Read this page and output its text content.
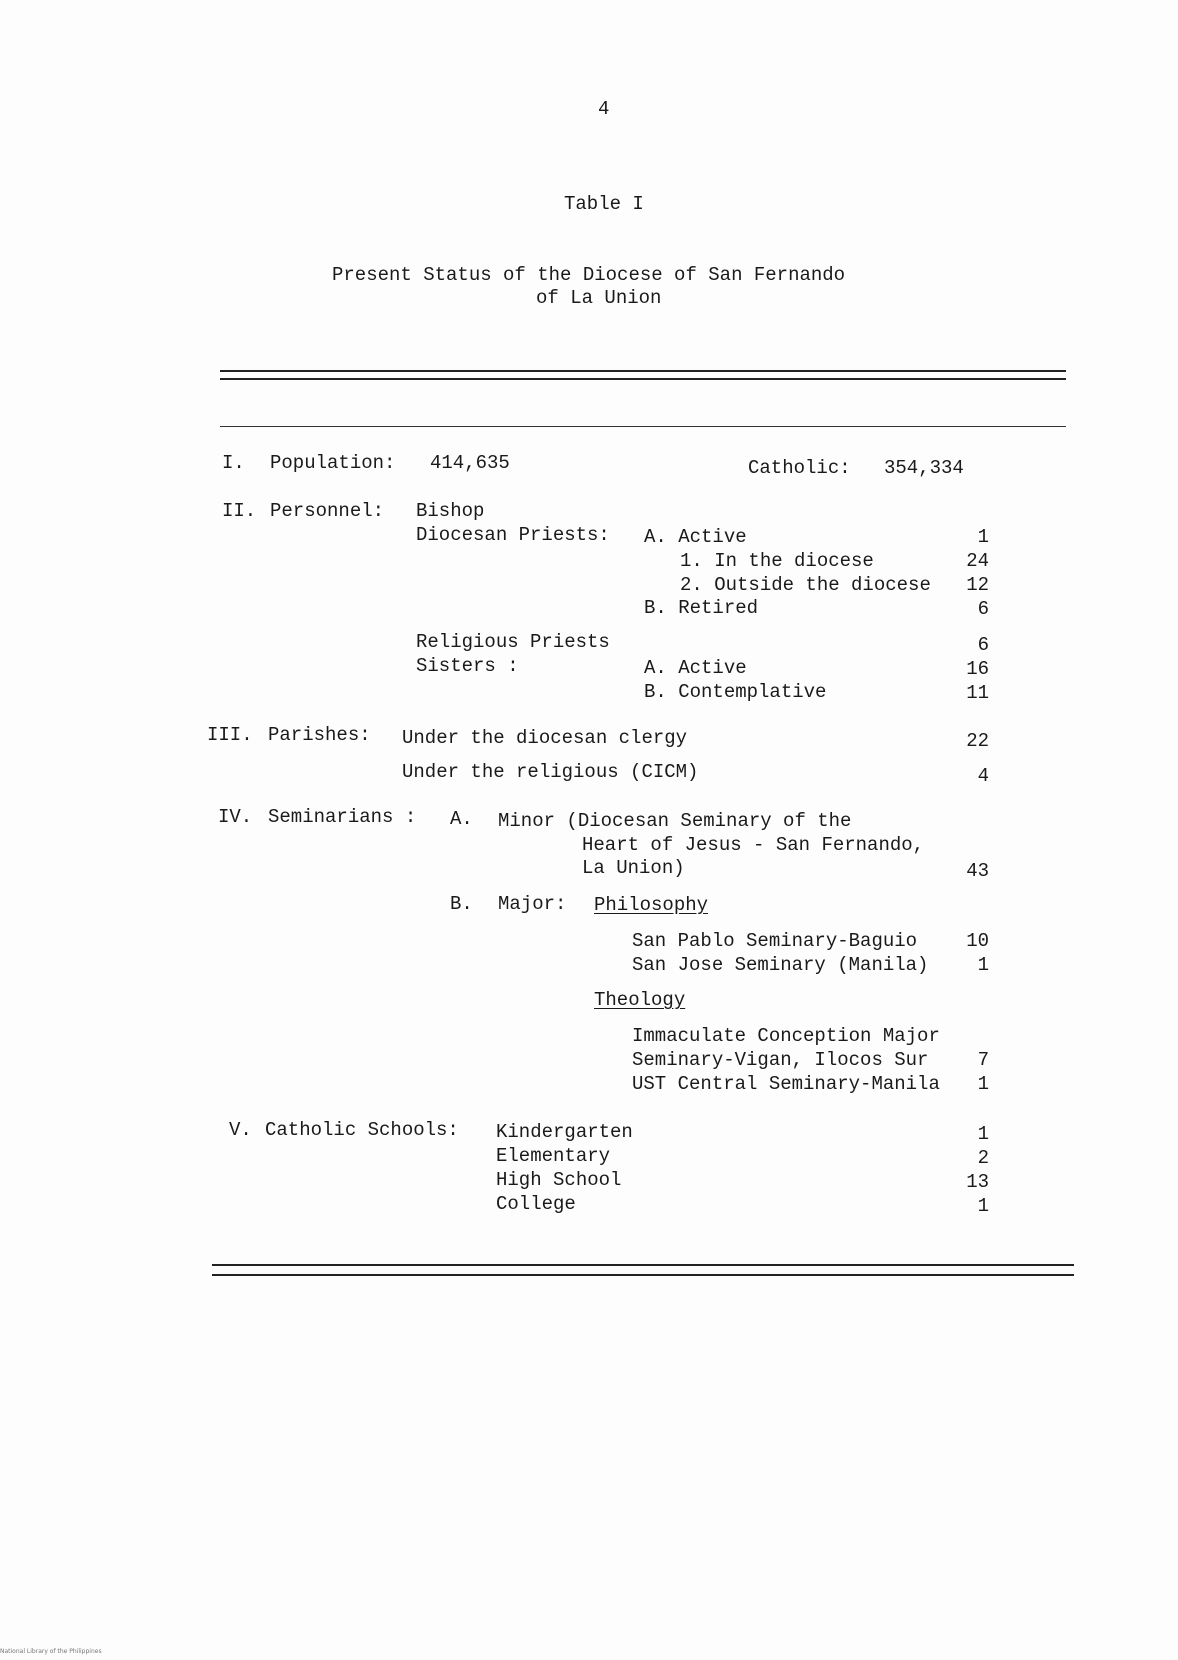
4
Table I
Present Status of the Diocese of San Fernando
of La Union
I. Population: 414,635	Catholic: 354,334
II. Personnel: Bishop
Diocesan Priests: A. Active	1
1. In the diocese	24
2. Outside the diocese	12
B. Retired	6
Religious Priests	6
Sisters :	A. Active	16
B. Contemplative	11
III. Parishes: Under the diocesan clergy	22
Under the religious (CICM)	4
IV. Seminarians : A. Minor (Diocesan Seminary of the
Heart of Jesus - San Fernando,
La Union)	43
B. Major: Philosophy
San Pablo Seminary-Baguio	10
San Jose Seminary (Manila)	1
Theology
Immaculate Conception Major
Seminary-Vigan, Ilocos Sur	7
UST Central Seminary-Manila	1
V. Catholic Schools: Kindergarten	1
Elementary	2
High School	13
College	1
National Library of the Philippines
